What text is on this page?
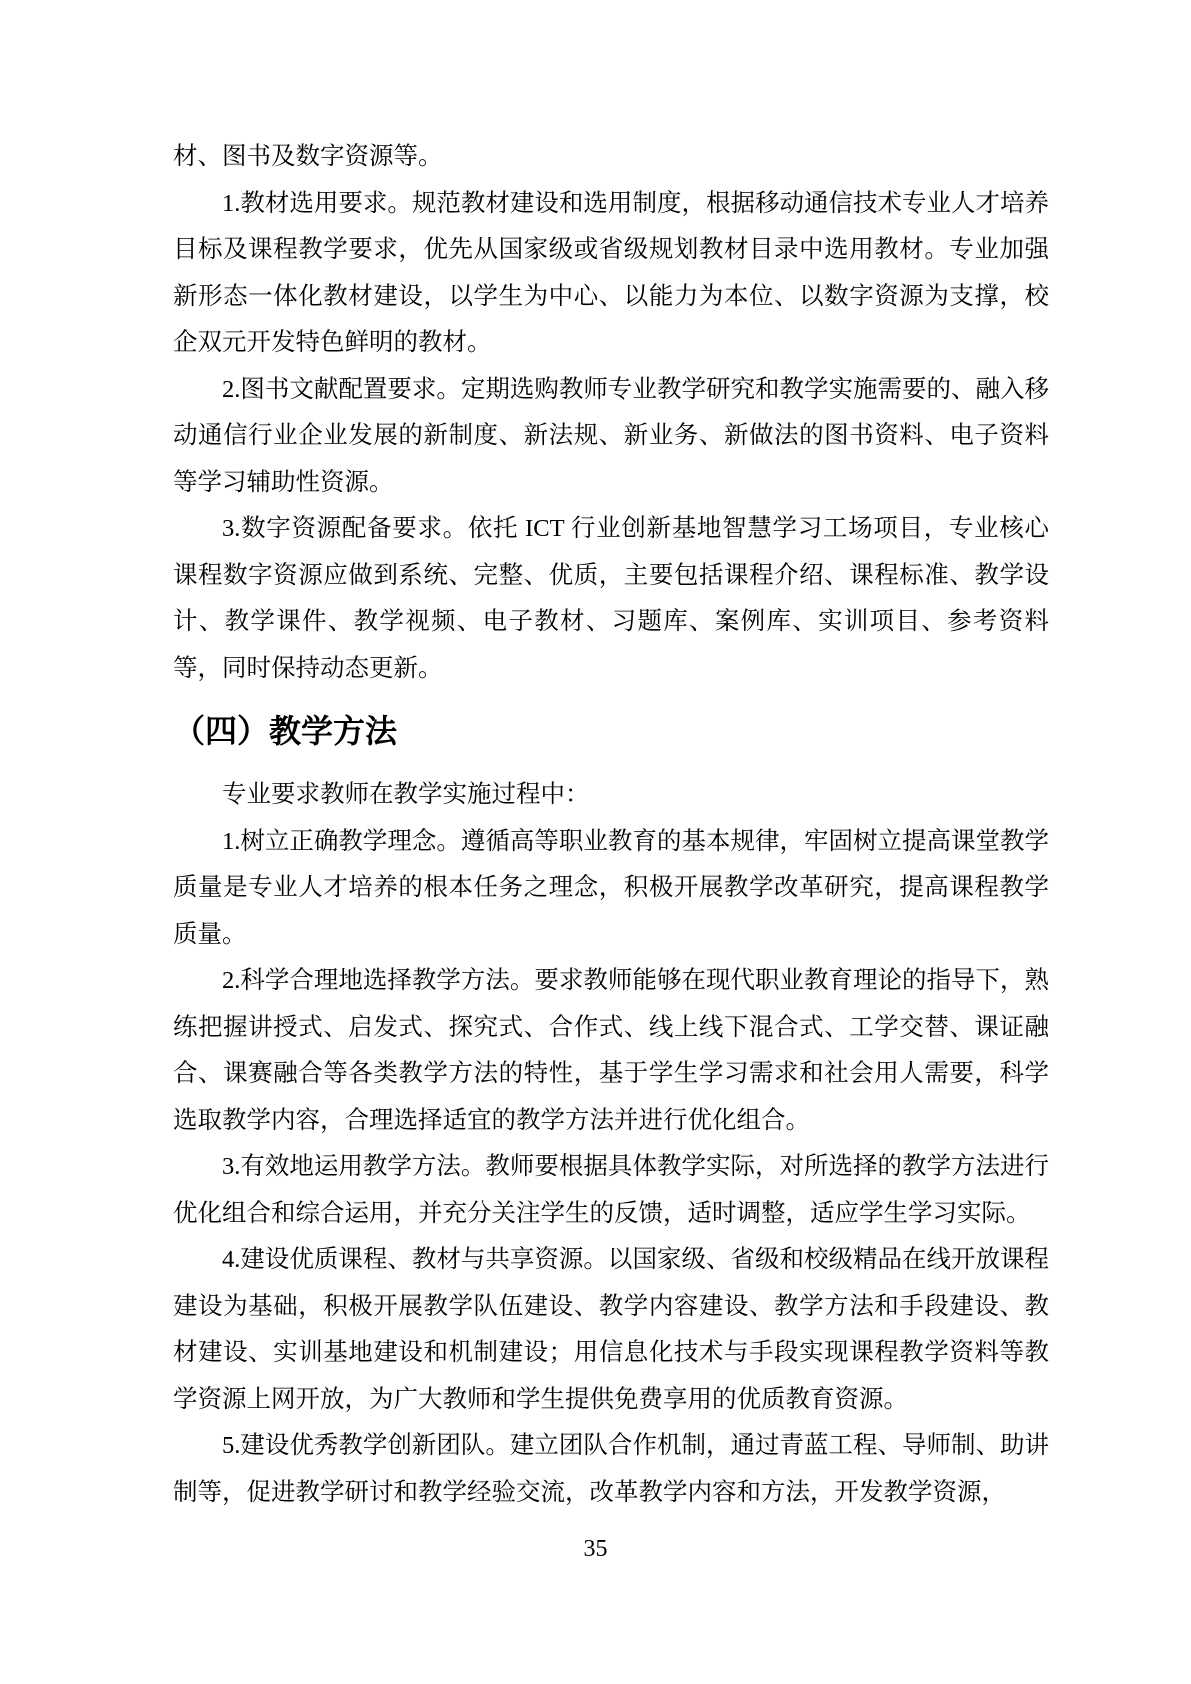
材、图书及数字资源等。

1.教材选用要求。规范教材建设和选用制度，根据移动通信技术专业人才培养目标及课程教学要求，优先从国家级或省级规划教材目录中选用教材。专业加强新形态一体化教材建设，以学生为中心、以能力为本位、以数字资源为支撑，校企双元开发特色鲜明的教材。

2.图书文献配置要求。定期选购教师专业教学研究和教学实施需要的、融入移动通信行业企业发展的新制度、新法规、新业务、新做法的图书资料、电子资料等学习辅助性资源。

3.数字资源配备要求。依托 ICT 行业创新基地智慧学习工场项目，专业核心课程数字资源应做到系统、完整、优质，主要包括课程介绍、课程标准、教学设计、教学课件、教学视频、电子教材、习题库、案例库、实训项目、参考资料等，同时保持动态更新。

（四）教学方法

专业要求教师在教学实施过程中：

1.树立正确教学理念。遵循高等职业教育的基本规律，牢固树立提高课堂教学质量是专业人才培养的根本任务之理念，积极开展教学改革研究，提高课程教学质量。

2.科学合理地选择教学方法。要求教师能够在现代职业教育理论的指导下，熟练把握讲授式、启发式、探究式、合作式、线上线下混合式、工学交替、课证融合、课赛融合等各类教学方法的特性，基于学生学习需求和社会用人需要，科学选取教学内容，合理选择适宜的教学方法并进行优化组合。

3.有效地运用教学方法。教师要根据具体教学实际，对所选择的教学方法进行优化组合和综合运用，并充分关注学生的反馈，适时调整，适应学生学习实际。

4.建设优质课程、教材与共享资源。以国家级、省级和校级精品在线开放课程建设为基础，积极开展教学队伍建设、教学内容建设、教学方法和手段建设、教材建设、实训基地建设和机制建设；用信息化技术与手段实现课程教学资料等教学资源上网开放，为广大教师和学生提供免费享用的优质教育资源。

5.建设优秀教学创新团队。建立团队合作机制，通过青蓝工程、导师制、助讲制等，促进教学研讨和教学经验交流，改革教学内容和方法，开发教学资源，

35
